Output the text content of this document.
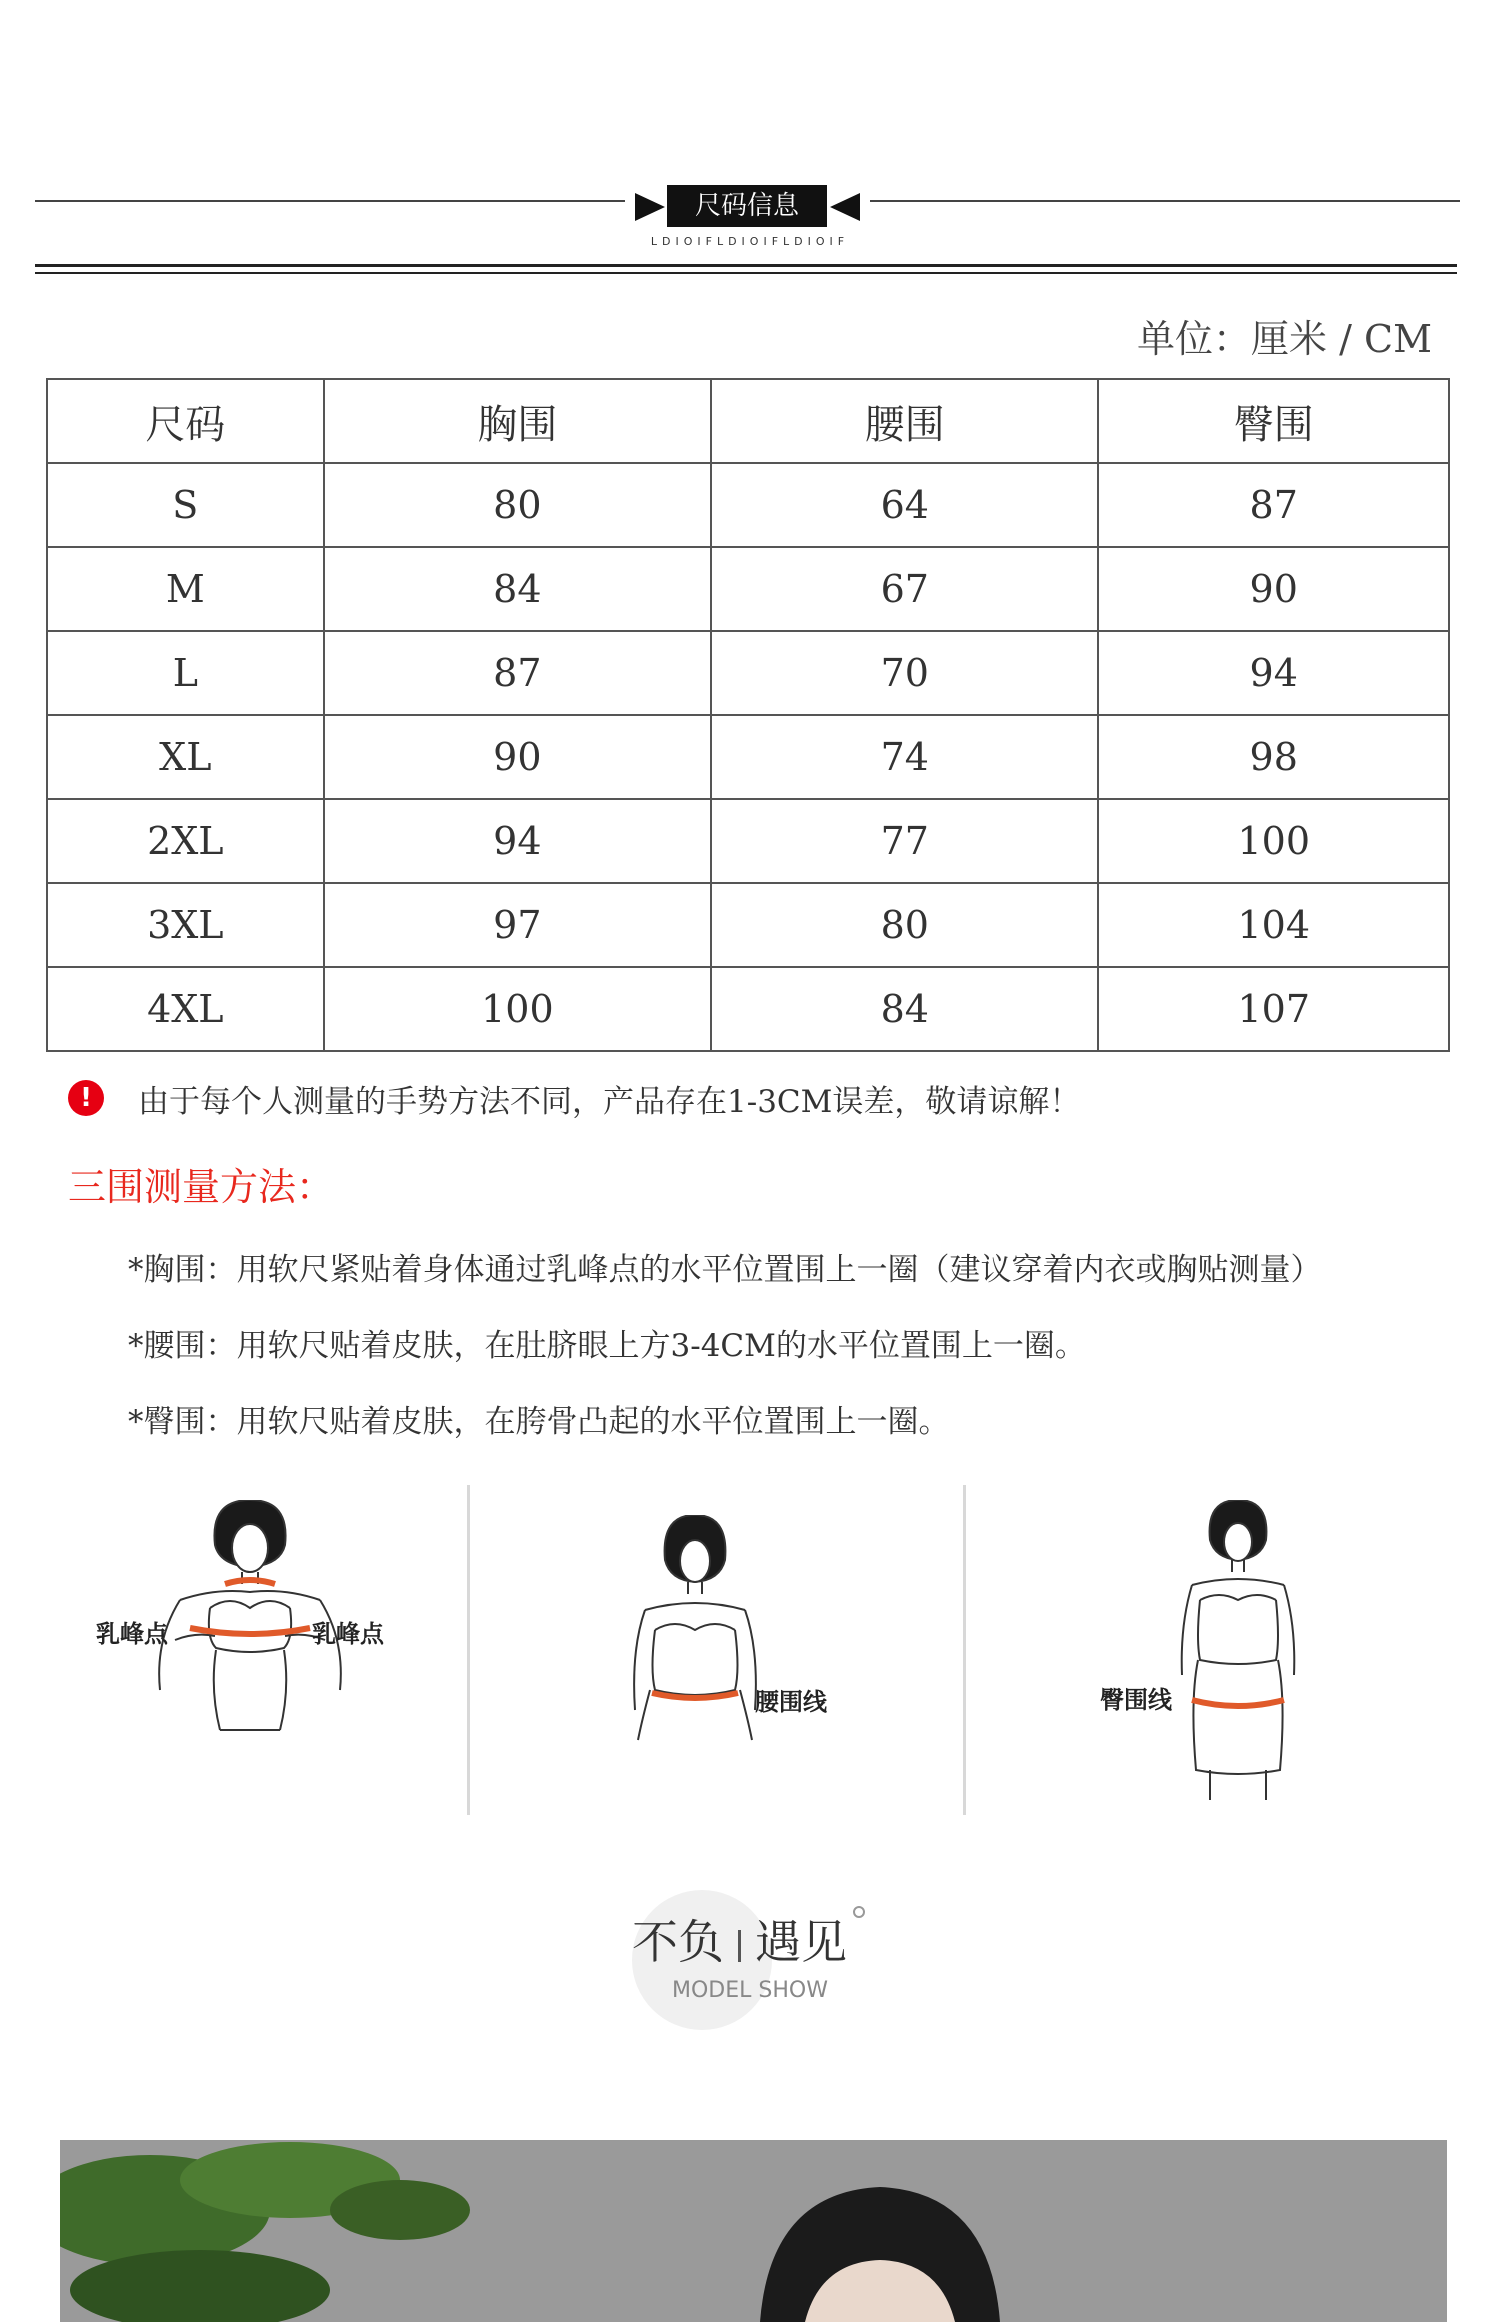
尺码信息
LDIOIFLDIOIFLDIOIF
单位：厘米 / CM
尺码	胸围	腰围	臀围
S	80	64	87
M	84	67	90
L	87	70	94
XL	90	74	98
2XL	94	77	100
3XL	97	80	104
4XL	100	84	107
!	由于每个人测量的手势方法不同，产品存在1-3CM误差，敬请谅解！
三围测量方法：
*胸围：用软尺紧贴着身体通过乳峰点的水平位置围上一圈（建议穿着内衣或胸贴测量）
*腰围：用软尺贴着皮肤，在肚脐眼上方3-4CM的水平位置围上一圈。
*臀围：用软尺贴着皮肤，在胯骨凸起的水平位置围上一圈。
乳峰点	乳峰点
腰围线	臀围线
不负 遇见
MODEL SHOW
